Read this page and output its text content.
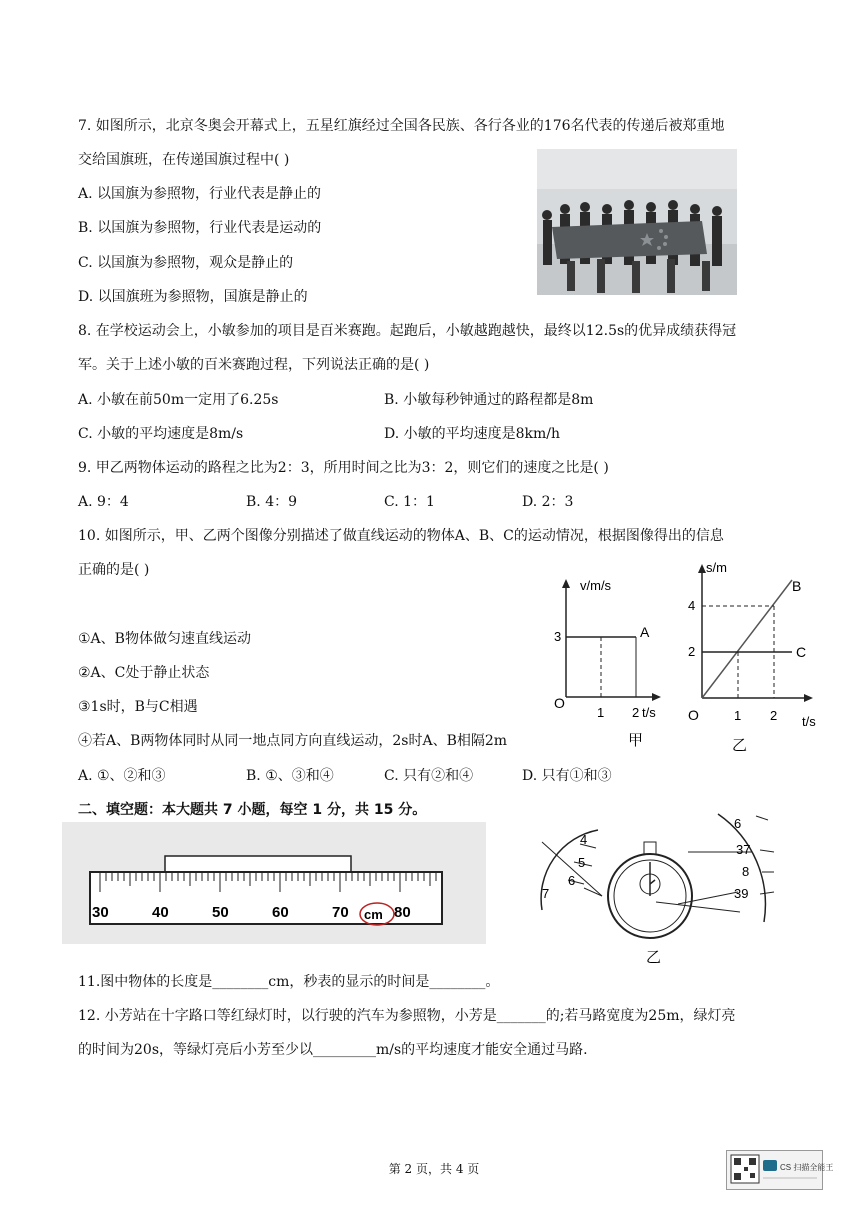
7. 如图所示，北京冬奥会开幕式上，五星红旗经过全国各民族、各行各业的176名代表的传递后被郑重地
交给国旗班，在传递国旗过程中( )
A. 以国旗为参照物，行业代表是静止的
B. 以国旗为参照物，行业代表是运动的
C. 以国旗为参照物，观众是静止的
D. 以国旗班为参照物，国旗是静止的
8. 在学校运动会上，小敏参加的项目是百米赛跑。起跑后，小敏越跑越快，最终以12.5s的优异成绩获得冠
军。关于上述小敏的百米赛跑过程，下列说法正确的是( )
A. 小敏在前50m一定用了6.25s	B. 小敏每秒钟通过的路程都是8m
C. 小敏的平均速度是8m/s	D. 小敏的平均速度是8km/h
9. 甲乙两物体运动的路程之比为2：3，所用时间之比为3：2，则它们的速度之比是( )
A. 9：4	B. 4：9	C. 1：1	D. 2：3
10. 如图所示，甲、乙两个图像分别描述了做直线运动的物体A、B、C的运动情况，根据图像得出的信息
正确的是( )
①A、B物体做匀速直线运动
②A、C处于静止状态
③1s时，B与C相遇
④若A、B两物体同时从同一地点同方向直线运动，2s时A、B相隔2m
A. ①、②和③	B. ①、③和④	C. 只有②和④	D. 只有①和③
v/m/s
3	A
O
1 2 t/s
甲
s/m
4
2
B
C
O	1 2 t/s
乙
二、填空题：本大题共 7 小题，每空 1 分，共 15 分。
30	40	50	60	70	80
cm
4
5
6
7
6
37
8
39
乙
11.图中物体的长度是________cm，秒表的显示的时间是________。
12. 小芳站在十字路口等红绿灯时，以行驶的汽车为参照物，小芳是_______的;若马路宽度为25m，绿灯亮
的时间为20s，等绿灯亮后小芳至少以_________m/s的平均速度才能安全通过马路.
第 2 页，共 4 页	CS 扫描全能王
